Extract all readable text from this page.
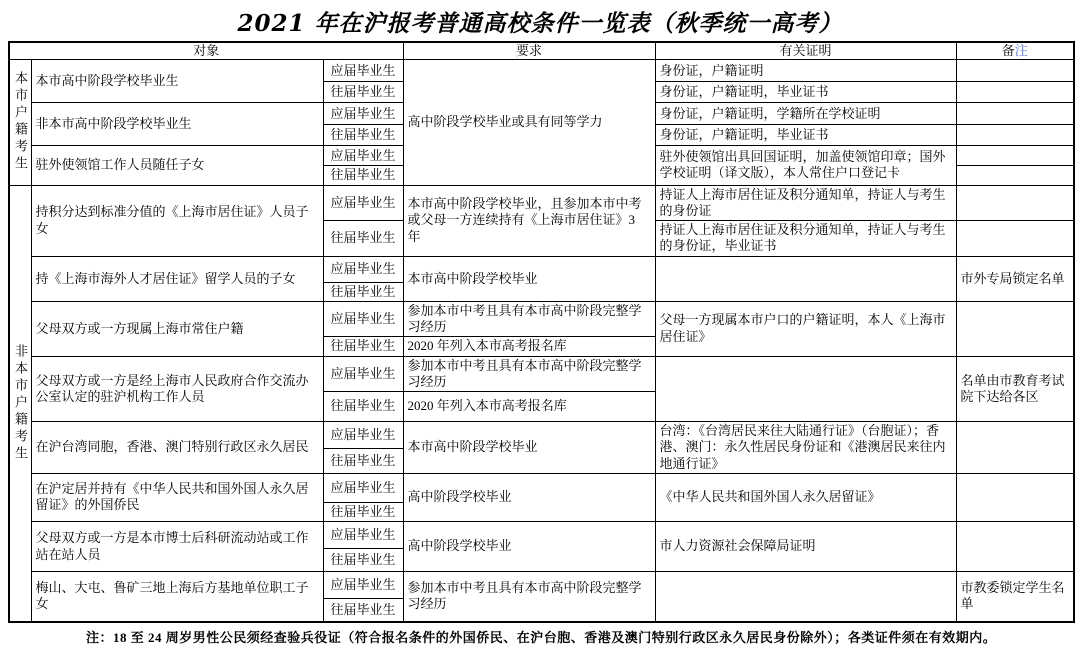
2021 年在沪报考普通高校条件一览表（秋季统一高考）
对象			要求	有关证明	备注

本市户籍考生	本市高中阶段学校毕业生	应届毕业生	高中阶段学校毕业或具有同等学力	身份证，户籍证明	
		往届毕业生		身份证，户籍证明，毕业证书	
	非本市高中阶段学校毕业生	应届毕业生		身份证，户籍证明，学籍所在学校证明	
		往届毕业生		身份证，户籍证明，毕业证书	
	驻外使领馆工作人员随任子女	应届毕业生		驻外使领馆出具回国证明，加盖使领馆印章；国外学校证明（译文版），本人常住户口登记卡	
		往届毕业生			

非本市户籍考生	持积分达到标准分值的《上海市居住证》人员子女	应届毕业生	本市高中阶段学校毕业，且参加本市中考或父母一方连续持有《上海市居住证》3 年	持证人上海市居住证及积分通知单，持证人与考生的身份证	
		往届毕业生		持证人上海市居住证及积分通知单，持证人与考生的身份证，毕业证书	
	持《上海市海外人才居住证》留学人员的子女	应届毕业生	本市高中阶段学校毕业		市外专局锁定名单
		往届毕业生			
	父母双方或一方现属上海市常住户籍	应届毕业生	参加本市中考且具有本市高中阶段完整学习经历	父母一方现属本市户口的户籍证明，本人《上海市居住证》	
		往届毕业生	2020 年列入本市高考报名库		
	父母双方或一方是经上海市人民政府合作交流办公室认定的驻沪机构工作人员	应届毕业生	参加本市中考且具有本市高中阶段完整学习经历		名单由市教育考试院下达给各区
		往届毕业生	2020 年列入本市高考报名库		
	在沪台湾同胞，香港、澳门特别行政区永久居民	应届毕业生	本市高中阶段学校毕业	台湾：《台湾居民来往大陆通行证》（台胞证）；香港、澳门：永久性居民身份证和《港澳居民来往内地通行证》	
		往届毕业生			
	在沪定居并持有《中华人民共和国外国人永久居留证》的外国侨民	应届毕业生	高中阶段学校毕业	《中华人民共和国外国人永久居留证》	
		往届毕业生			
	父母双方或一方是本市博士后科研流动站或工作站在站人员	应届毕业生	高中阶段学校毕业	市人力资源社会保障局证明	
		往届毕业生			
	梅山、大屯、鲁矿三地上海后方基地单位职工子女	应届毕业生	参加本市中考且具有本市高中阶段完整学习经历		市教委锁定学生名单
		往届毕业生			
注：18 至 24 周岁男性公民须经查验兵役证（符合报名条件的外国侨民、在沪台胞、香港及澳门特别行政区永久居民身份除外）；各类证件须在有效期内。
